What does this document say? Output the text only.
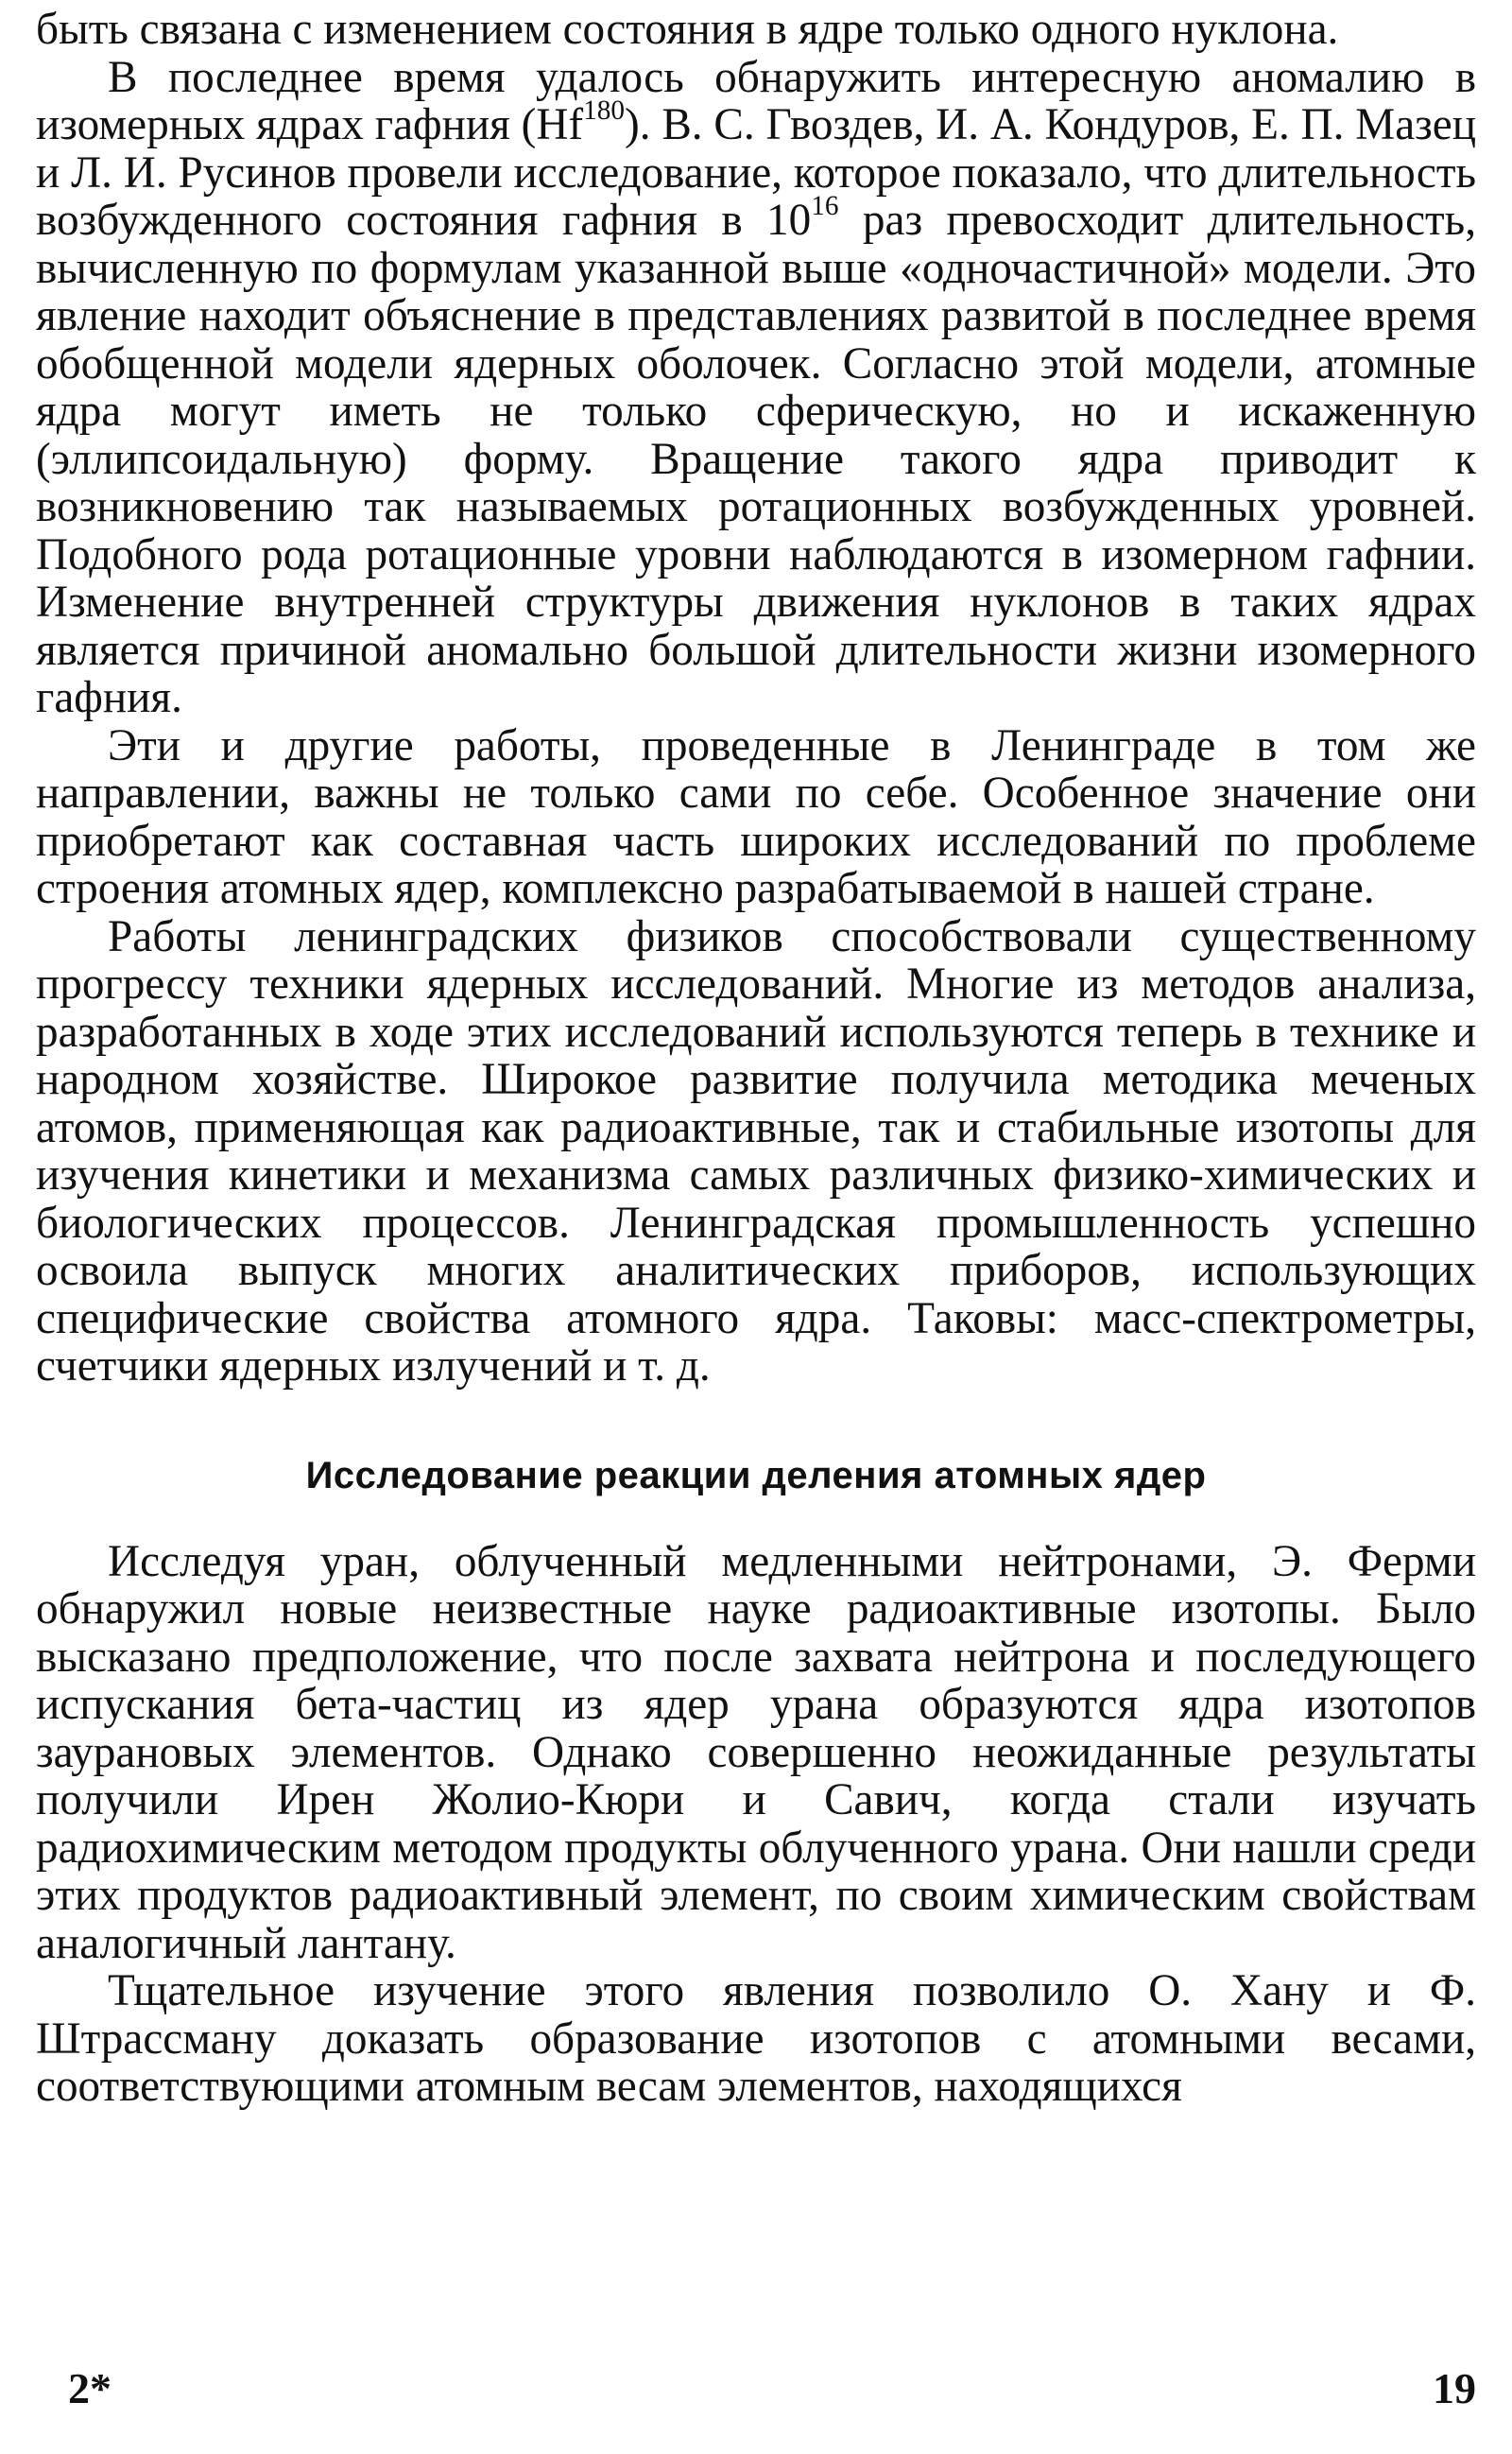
быть связана с изменением состояния в ядре только одного нуклона.

В последнее время удалось обнаружить интересную аномалию в изомерных ядрах гафния (Hf$^{180}$). В. С. Гвоздев, И. А. Кондуров, Е. П. Мазец и Л. И. Русинов провели исследование, которое показало, что длительность возбужденного состояния гафния в $10^{16}$ раз превосходит длительность, вычисленную по формулам указанной выше «одночастичной» модели. Это явление находит объяснение в представлениях развитой в последнее время обобщенной модели ядерных оболочек. Согласно этой модели, атомные ядра могут иметь не только сферическую, но и искаженную (эллипсоидальную) форму. Вращение такого ядра приводит к возникновению так называемых ротационных возбужденных уровней. Подобного рода ротационные уровни наблюдаются в изомерном гафнии. Изменение внутренней структуры движения нуклонов в таких ядрах является причиной аномально большой длительности жизни изомерного гафния.

Эти и другие работы, проведенные в Ленинграде в том же направлении, важны не только сами по себе. Особенное значение они приобретают как составная часть широких исследований по проблеме строения атомных ядер, комплексно разрабатываемой в нашей стране.

Работы ленинградских физиков способствовали существенному прогрессу техники ядерных исследований. Многие из методов анализа, разработанных в ходе этих исследований используются теперь в технике и народном хозяйстве. Широкое развитие получила методика меченых атомов, применяющая как радиоактивные, так и стабильные изотопы для изучения кинетики и механизма самых различных физико-химических и биологических процессов. Ленинградская промышленность успешно освоила выпуск многих аналитических приборов, использующих специфические свойства атомного ядра. Таковы: масс-спектрометры, счетчики ядерных излучений и т. д.

Исследование реакции деления атомных ядер

Исследуя уран, облученный медленными нейтронами, Э. Ферми обнаружил новые неизвестные науке радиоактивные изотопы. Было высказано предположение, что после захвата нейтрона и последующего испускания бета-частиц из ядер урана образуются ядра изотопов заурановых элементов. Однако совершенно неожиданные результаты получили Ирен Жолио-Кюри и Савич, когда стали изучать радиохимическим методом продукты облученного урана. Они нашли среди этих продуктов радиоактивный элемент, по своим химическим свойствам аналогичный лантану.

Тщательное изучение этого явления позволило О. Хану и Ф. Штрассману доказать образование изотопов с атомными весами, соответствующими атомным весам элементов, находящихся

2*	19
